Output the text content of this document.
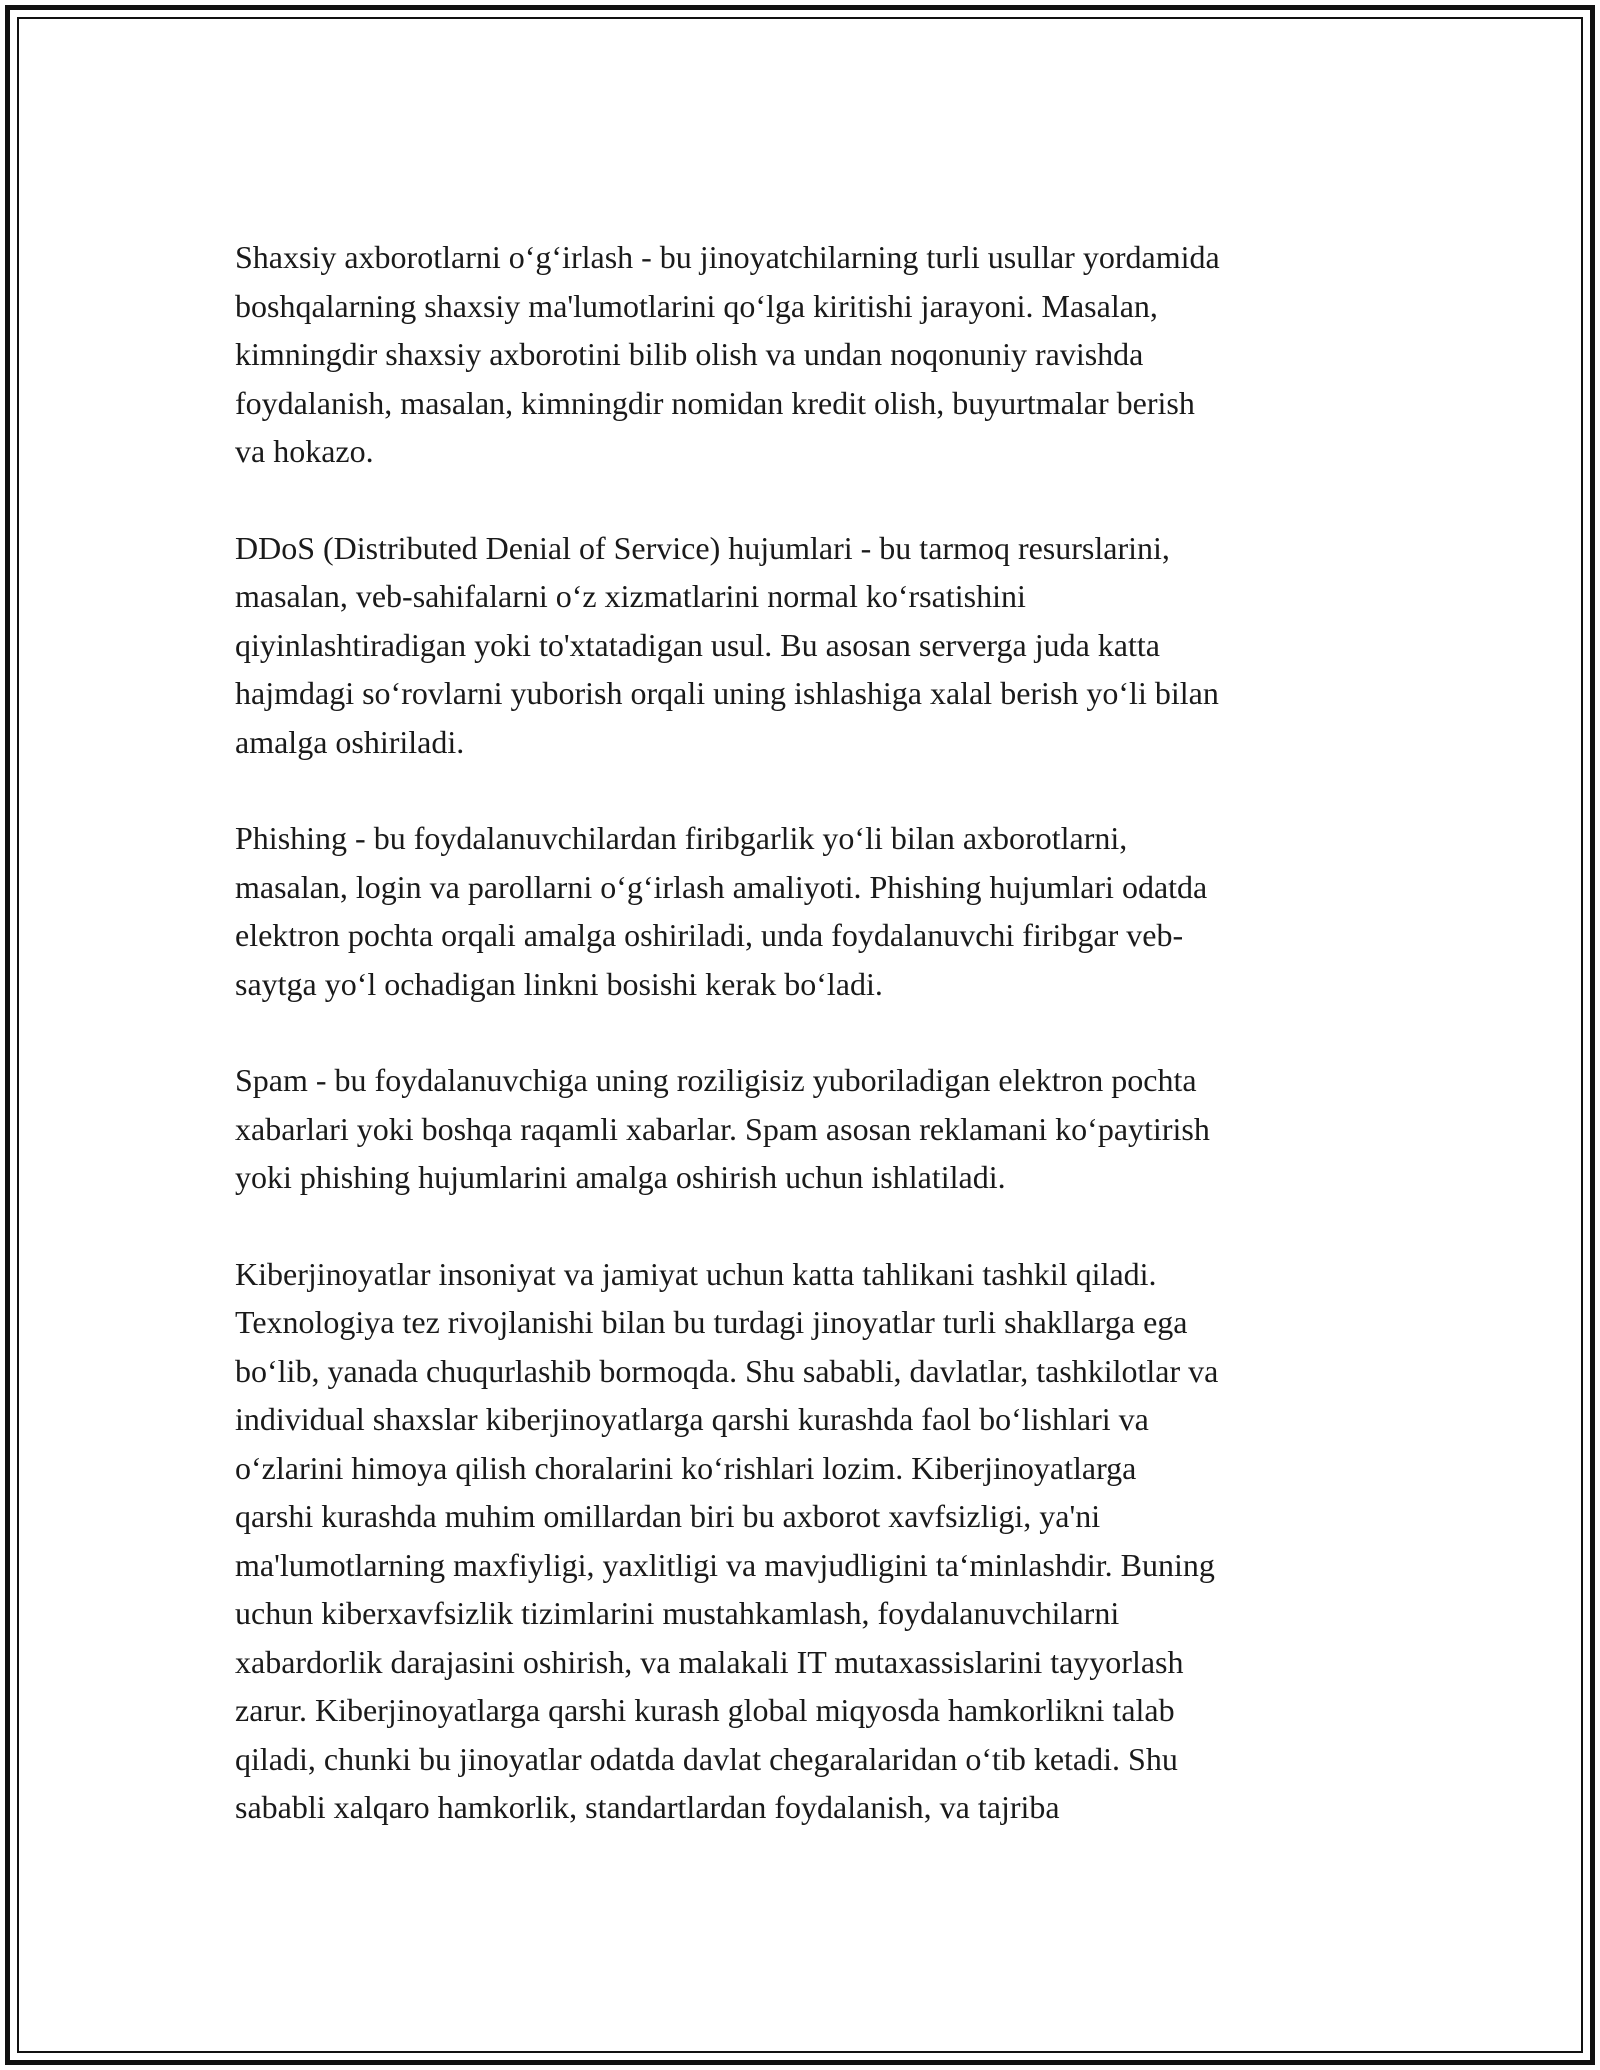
Shaxsiy axborotlarni o‘g‘irlash - bu jinoyatchilarning turli usullar yordamida
boshqalarning shaxsiy ma'lumotlarini qo‘lga kiritishi jarayoni. Masalan,
kimningdir shaxsiy axborotini bilib olish va undan noqonuniy ravishda
foydalanish, masalan, kimningdir nomidan kredit olish, buyurtmalar berish
va hokazo.

DDoS (Distributed Denial of Service) hujumlari - bu tarmoq resurslarini,
masalan, veb-sahifalarni o‘z xizmatlarini normal ko‘rsatishini
qiyinlashtiradigan yoki to'xtatadigan usul. Bu asosan serverga juda katta
hajmdagi so‘rovlarni yuborish orqali uning ishlashiga xalal berish yo‘li bilan
amalga oshiriladi.

Phishing - bu foydalanuvchilardan firibgarlik yo‘li bilan axborotlarni,
masalan, login va parollarni o‘g‘irlash amaliyoti. Phishing hujumlari odatda
elektron pochta orqali amalga oshiriladi, unda foydalanuvchi firibgar veb-
saytga yo‘l ochadigan linkni bosishi kerak bo‘ladi.

Spam - bu foydalanuvchiga uning roziligisiz yuboriladigan elektron pochta
xabarlari yoki boshqa raqamli xabarlar. Spam asosan reklamani ko‘paytirish
yoki phishing hujumlarini amalga oshirish uchun ishlatiladi.

Kiberjinoyatlar insoniyat va jamiyat uchun katta tahlikani tashkil qiladi.
Texnologiya tez rivojlanishi bilan bu turdagi jinoyatlar turli shakllarga ega
bo‘lib, yanada chuqurlashib bormoqda. Shu sababli, davlatlar, tashkilotlar va
individual shaxslar kiberjinoyatlarga qarshi kurashda faol bo‘lishlari va
o‘zlarini himoya qilish choralarini ko‘rishlari lozim. Kiberjinoyatlarga
qarshi kurashda muhim omillardan biri bu axborot xavfsizligi, ya'ni
ma'lumotlarning maxfiyligi, yaxlitligi va mavjudligini ta‘minlashdir. Buning
uchun kiberxavfsizlik tizimlarini mustahkamlash, foydalanuvchilarni
xabardorlik darajasini oshirish, va malakali IT mutaxassislarini tayyorlash
zarur. Kiberjinoyatlarga qarshi kurash global miqyosda hamkorlikni talab
qiladi, chunki bu jinoyatlar odatda davlat chegaralaridan o‘tib ketadi. Shu
sababli xalqaro hamkorlik, standartlardan foydalanish, va tajriba
